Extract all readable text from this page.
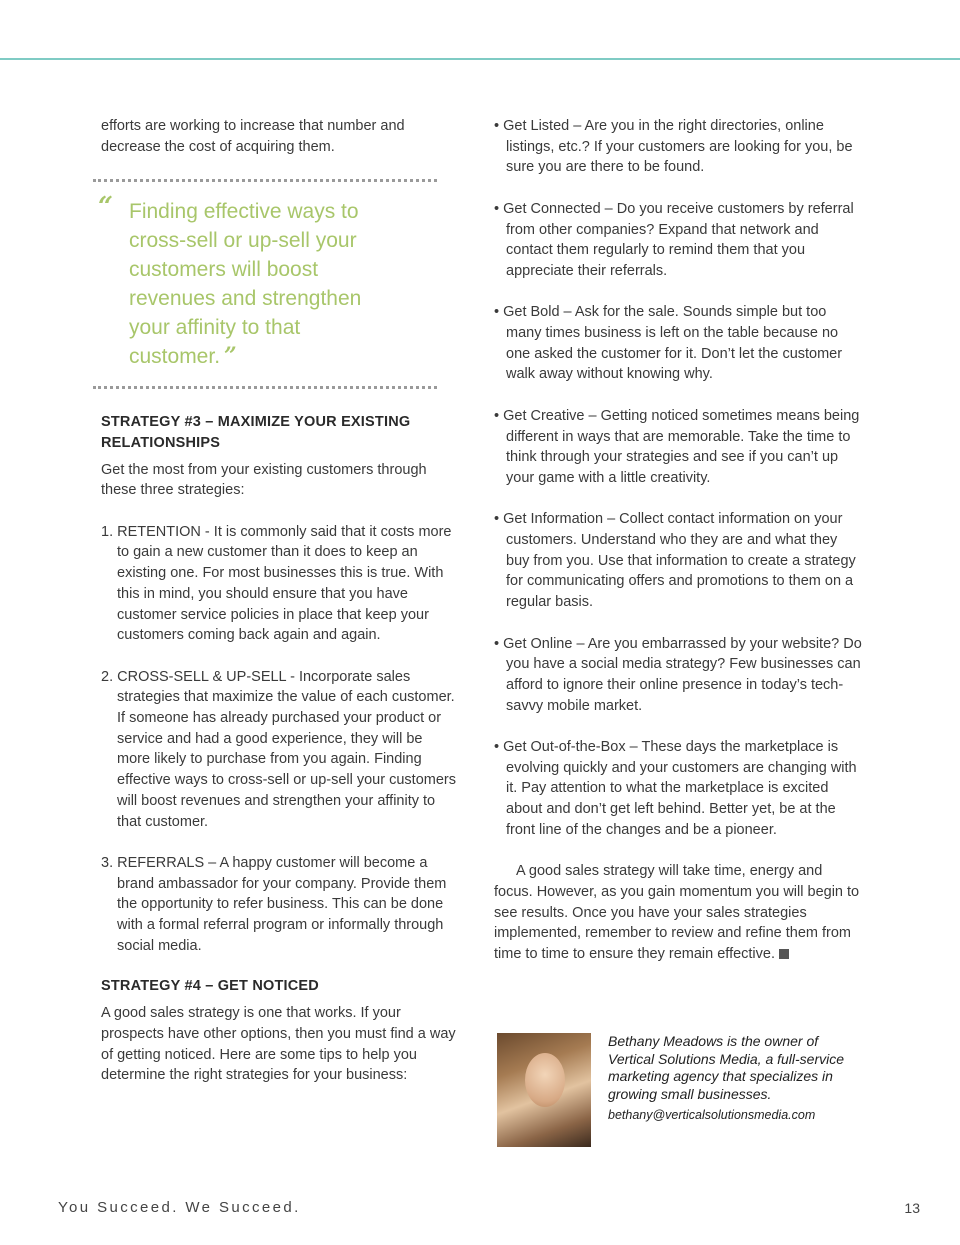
efforts are working to increase that number and decrease the cost of acquiring them.

“ Finding effective ways to cross-sell or up-sell your customers will boost revenues and strengthen your affinity to that customer. ”
STRATEGY #3 – MAXIMIZE YOUR EXISTING RELATIONSHIPS

Get the most from your existing customers through these three strategies:

1. RETENTION - It is commonly said that it costs more to gain a new customer than it does to keep an existing one. For most businesses this is true. With this in mind, you should ensure that you have customer service policies in place that keep your customers coming back again and again.

2. CROSS-SELL & UP-SELL - Incorporate sales strategies that maximize the value of each customer. If someone has already purchased your product or service and had a good experience, they will be more likely to purchase from you again. Finding effective ways to cross-sell or up-sell your customers will boost revenues and strengthen your affinity to that customer.

3. REFERRALS – A happy customer will become a brand ambassador for your company. Provide them the opportunity to refer business. This can be done with a formal referral program or informally through social media.

STRATEGY #4 – GET NOTICED

A good sales strategy is one that works. If your prospects have other options, then you must find a way of getting noticed. Here are some tips to help you determine the right strategies for your business:

• Get Listed – Are you in the right directories, online listings, etc.? If your customers are looking for you, be sure you are there to be found.

• Get Connected – Do you receive customers by referral from other companies? Expand that network and contact them regularly to remind them that you appreciate their referrals.

• Get Bold – Ask for the sale. Sounds simple but too many times business is left on the table because no one asked the customer for it. Don’t let the customer walk away without knowing why.

• Get Creative – Getting noticed sometimes means being different in ways that are memorable. Take the time to think through your strategies and see if you can’t up your game with a little creativity.

• Get Information – Collect contact information on your customers. Understand who they are and what they buy from you. Use that information to create a strategy for communicating offers and promotions to them on a regular basis.

• Get Online – Are you embarrassed by your website? Do you have a social media strategy? Few businesses can afford to ignore their online presence in today’s tech-savvy mobile market.

• Get Out-of-the-Box – These days the marketplace is evolving quickly and your customers are changing with it. Pay attention to what the marketplace is excited about and don’t get left behind. Better yet, be at the front line of the changes and be a pioneer.

A good sales strategy will take time, energy and focus. However, as you gain momentum you will begin to see results. Once you have your sales strategies implemented, remember to review and refine them from time to time to ensure they remain effective.

Bethany Meadows is the owner of Vertical Solutions Media, a full-service marketing agency that specializes in growing small businesses.

bethany@verticalsolutionsmedia.com
You Succeed. We Succeed.	13
